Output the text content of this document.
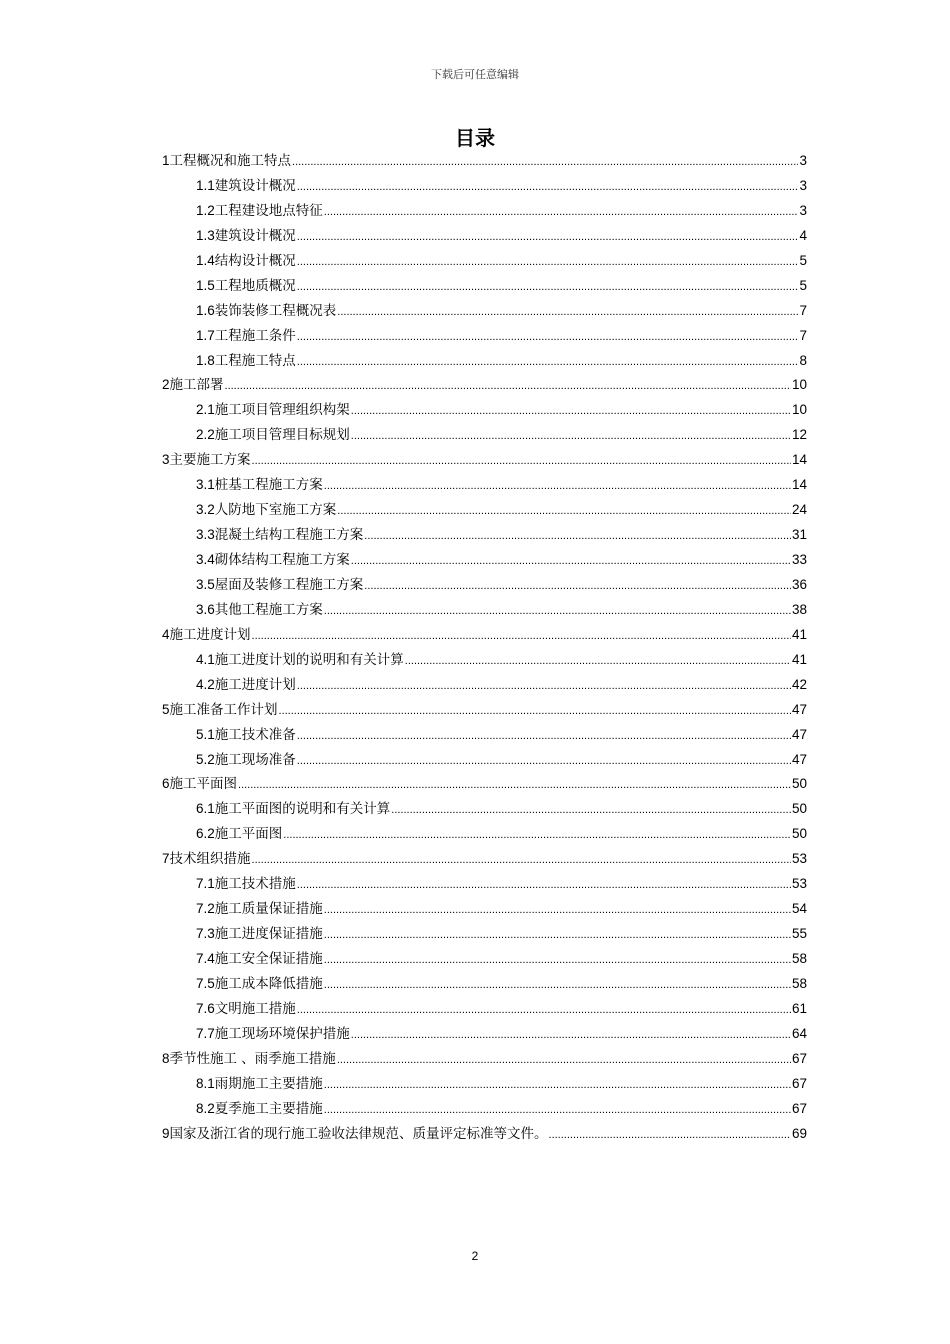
下载后可任意编辑
目录
1 工程概况和施工特点 .....	3
1.1 建筑设计概况 .....	3
1.2 工程建设地点特征 .....	3
1.3 建筑设计概况 .....	4
1.4 结构设计概况 .....	5
1.5 工程地质概况 .....	5
1.6 装饰装修工程概况表 .....	7
1.7 工程施工条件 .....	7
1.8 工程施工特点 .....	8
2 施工部署 .....	10
2.1 施工项目管理组织构架 .....	10
2.2 施工项目管理目标规划 .....	12
3 主要施工方案 .....	14
3.1 桩基工程施工方案 .....	14
3.2 人防地下室施工方案 .....	24
3.3 混凝土结构工程施工方案 .....	31
3.4 砌体结构工程施工方案 .....	33
3.5 屋面及装修工程施工方案 .....	36
3.6 其他工程施工方案 .....	38
4 施工进度计划 .....	41
4.1 施工进度计划的说明和有关计算 .....	41
4.2 施工进度计划 .....	42
5 施工准备工作计划 .....	47
5.1 施工技术准备 .....	47
5.2 施工现场准备 .....	47
6 施工平面图 .....	50
6.1 施工平面图的说明和有关计算 .....	50
6.2 施工平面图 .....	50
7 技术组织措施 .....	53
7.1 施工技术措施 .....	53
7.2 施工质量保证措施 .....	54
7.3 施工进度保证措施 .....	55
7.4 施工安全保证措施 .....	58
7.5 施工成本降低措施 .....	58
7.6 文明施工措施 .....	61
7.7 施工现场环境保护措施 .....	64
8 季节性施工 、雨季施工措施 .....	67
8.1 雨期施工主要措施 .....	67
8.2 夏季施工主要措施 .....	67
9 国家及浙江省的现行施工验收法律规范、质量评定标准等文件。 .....	69
2
